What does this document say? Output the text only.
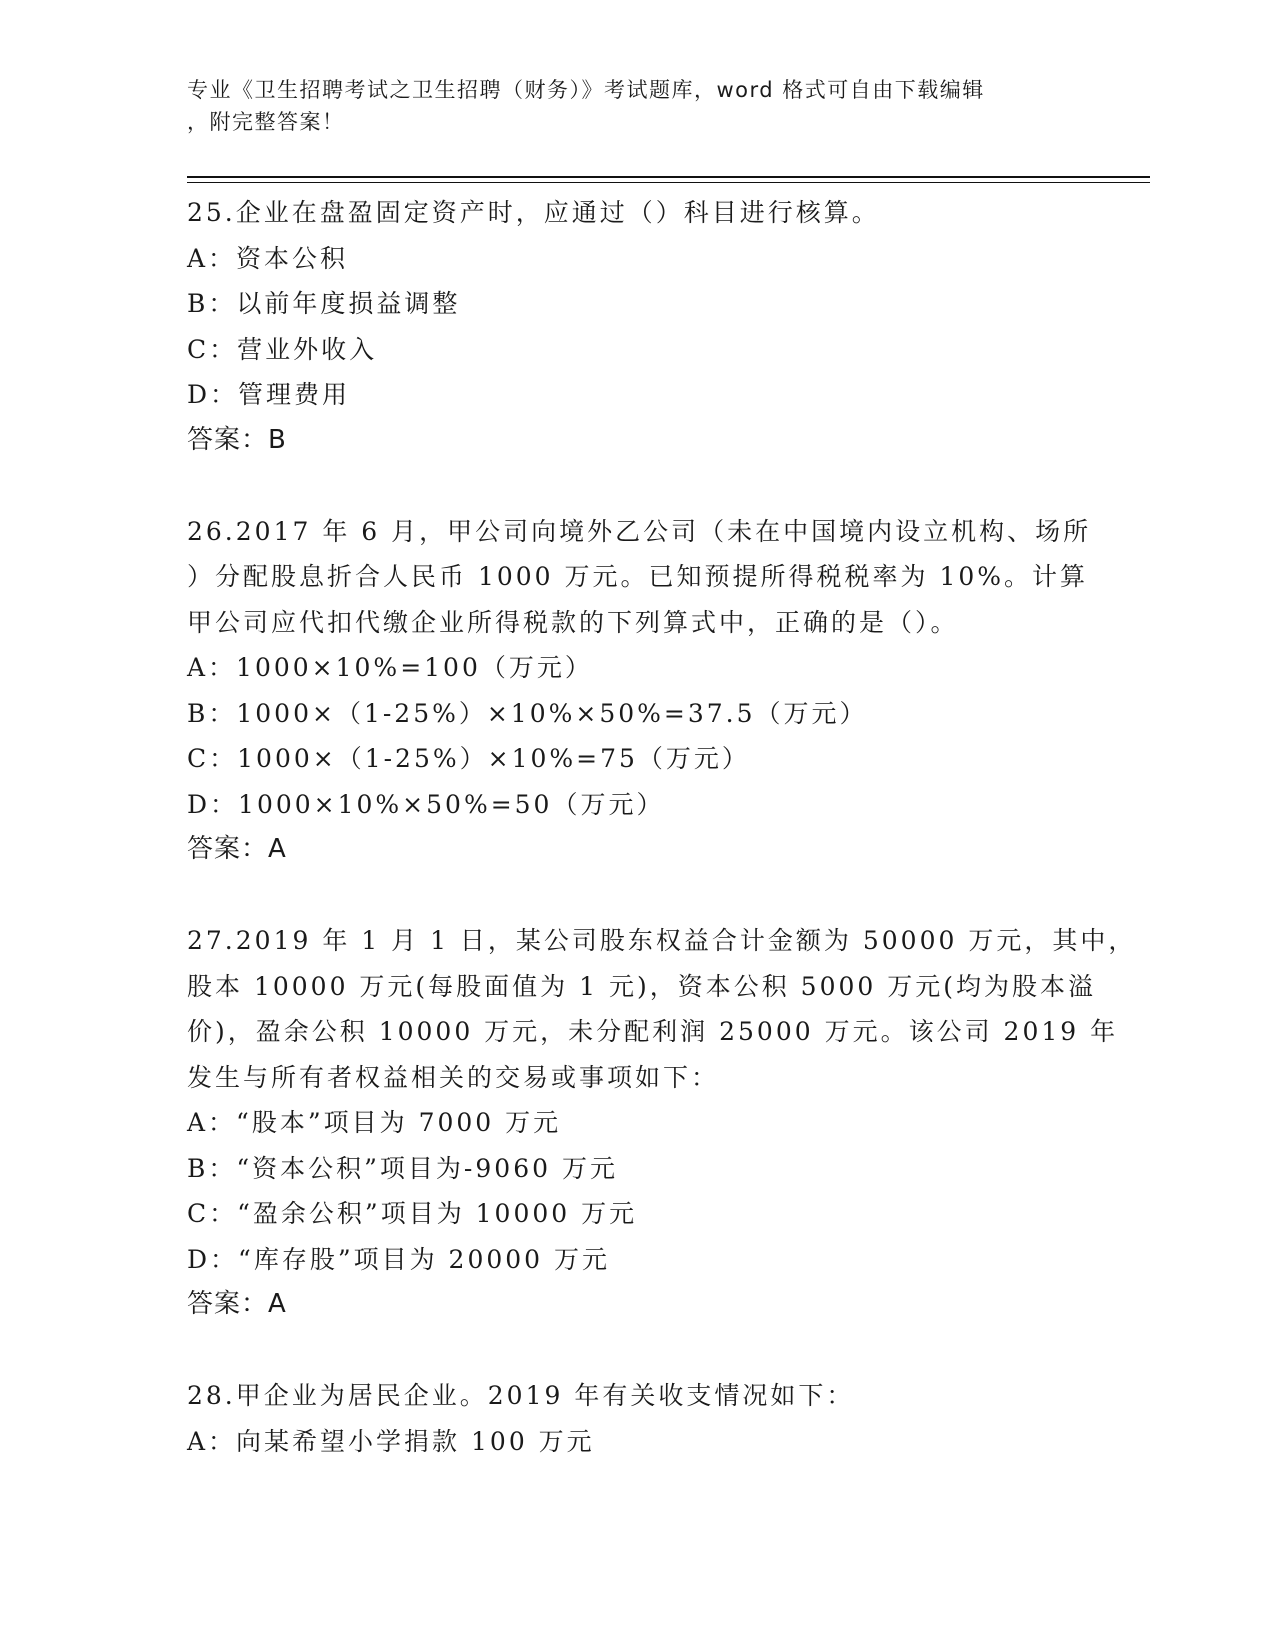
专业《卫生招聘考试之卫生招聘（财务）》考试题库，word 格式可自由下载编辑
，附完整答案！
25.企业在盘盈固定资产时，应通过（）科目进行核算。
A：资本公积
B：以前年度损益调整
C：营业外收入
D：管理费用
答案：B
26.2017 年 6 月，甲公司向境外乙公司（未在中国境内设立机构、场所
）分配股息折合人民币 1000 万元。已知预提所得税税率为 10%。计算
甲公司应代扣代缴企业所得税款的下列算式中，正确的是（）。
A：1000×10%=100（万元）
B：1000×（1-25%）×10%×50%=37.5（万元）
C：1000×（1-25%）×10%=75（万元）
D：1000×10%×50%=50（万元）
答案：A
27.2019 年 1 月 1 日，某公司股东权益合计金额为 50000 万元，其中，
股本 10000 万元(每股面值为 1 元)，资本公积 5000 万元(均为股本溢
价)，盈余公积 10000 万元，未分配利润 25000 万元。该公司 2019 年
发生与所有者权益相关的交易或事项如下：
A：“股本”项目为 7000 万元
B：“资本公积”项目为-9060 万元
C：“盈余公积”项目为 10000 万元
D：“库存股”项目为 20000 万元
答案：A
28.甲企业为居民企业。2019 年有关收支情况如下：
A：向某希望小学捐款 100 万元
